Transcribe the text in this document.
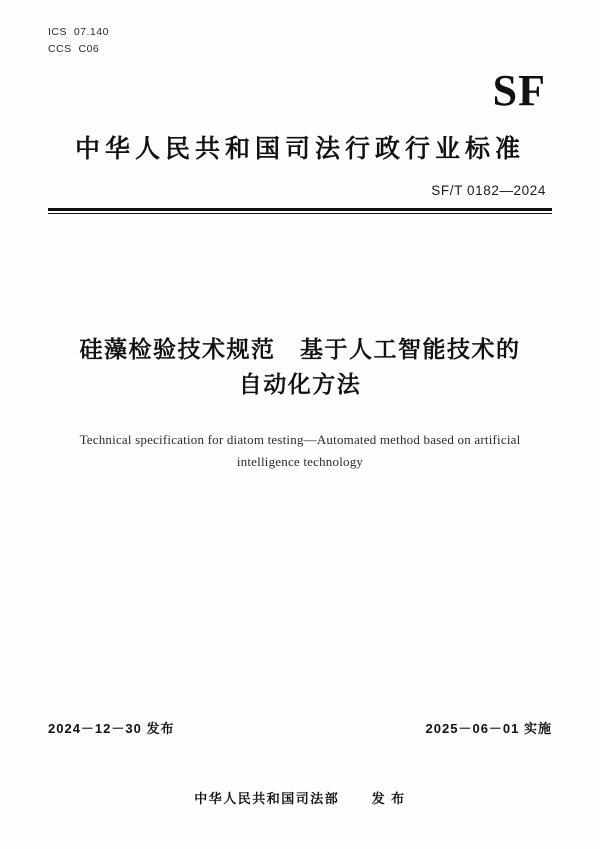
ICS  07.140
CCS  C06
SF
中华人民共和国司法行政行业标准
SF/T 0182—2024
硅藻检验技术规范　基于人工智能技术的
自动化方法
Technical specification for diatom testing—Automated method based on artificial
intelligence technology
2024－12－30 发布	2025－06－01 实施
中华人民共和国司法部 发 布
